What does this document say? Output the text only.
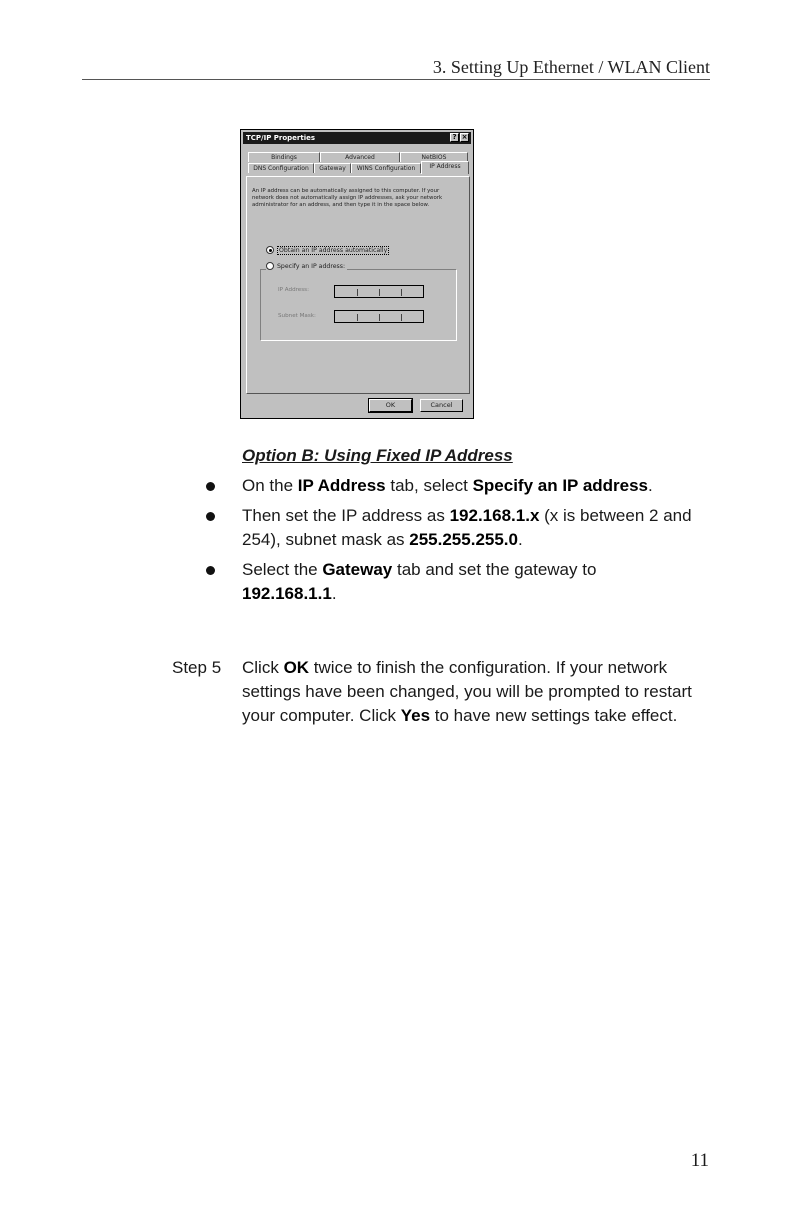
3. Setting Up Ethernet / WLAN Client
TCP/IP Properties	? ×
Bindings	Advanced	NetBIOS
DNS Configuration	Gateway	WINS Configuration	IP Address
An IP address can be automatically assigned to this computer. If your network does not automatically assign IP addresses, ask your network administrator for an address, and then type it in the space below.
Obtain an IP address automatically
IP Address:
Subnet Mask:
Specify an IP address:
OK	Cancel
Option B: Using Fixed IP Address
On the IP Address tab, select Specify an IP address.
Then set the IP address as 192.168.1.x (x is between 2 and 254), subnet mask as 255.255.255.0.
Select the Gateway tab and set the gateway to 192.168.1.1.
Step 5 Click OK twice to finish the configuration. If your network settings have been changed, you will be prompted to restart your computer. Click Yes to have new settings take effect.
11
